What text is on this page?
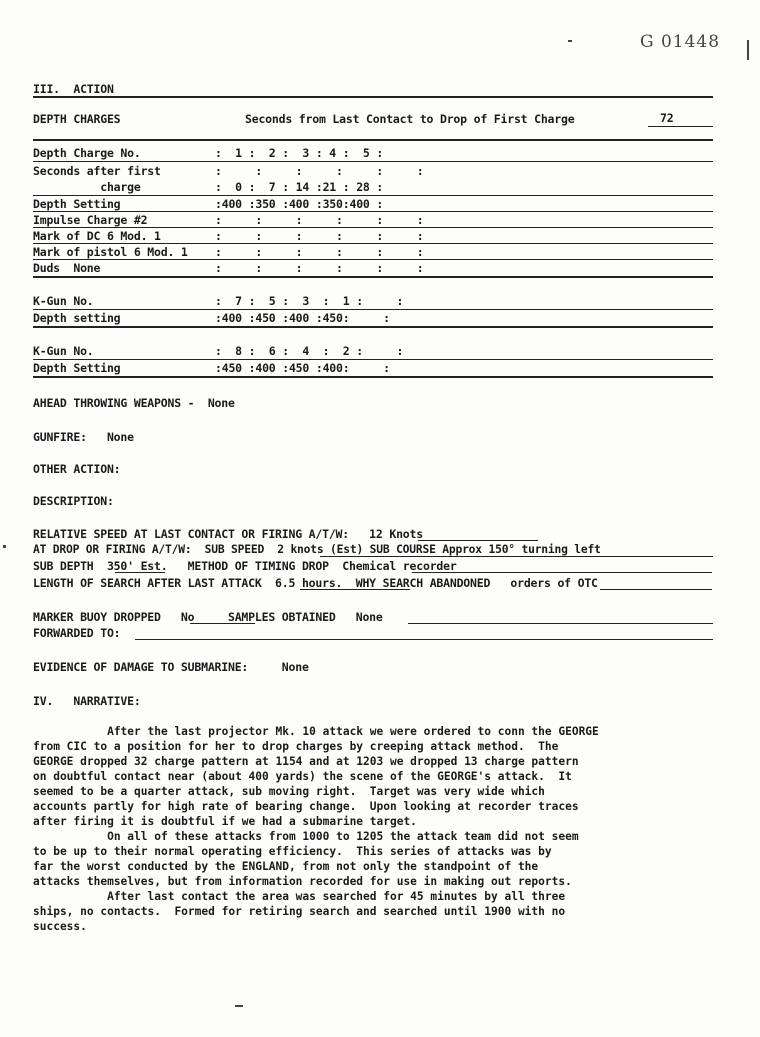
G 01448
III.  ACTION
DEPTH CHARGES	Seconds from Last Contact to Drop of First Charge	72
Depth Charge No.	:  1 :  2 :  3 : 4 :  5 :
Seconds after first	:     :     :     :     :     :
charge	:  0 :  7 : 14 :21 : 28 :
Depth Setting	:400 :350 :400 :350:400 :
Impulse Charge #2	:     :     :     :     :     :
Mark of DC 6 Mod. 1	:     :     :     :     :     :
Mark of pistol 6 Mod. 1 :     :     :     :     :     :
Duds  None	:     :     :     :     :     :
K-Gun No.	:  7 :  5 :  3  :  1 :     :
Depth setting	:400 :450 :400 :450:     :
K-Gun No.	:  8 :  6 :  4  :  2 :     :
Depth Setting	:450 :400 :450 :400:     :
AHEAD THROWING WEAPONS -  None
GUNFIRE:   None
OTHER ACTION:
DESCRIPTION:
RELATIVE SPEED AT LAST CONTACT OR FIRING A/T/W:   12 Knots
AT DROP OR FIRING A/T/W:  SUB SPEED  2 knots (Est) SUB COURSE Approx 150° turning left
SUB DEPTH  350' Est.   METHOD OF TIMING DROP  Chemical recorder
LENGTH OF SEARCH AFTER LAST ATTACK  6.5 hours.  WHY SEARCH ABANDONED   orders of OTC
MARKER BUOY DROPPED   No     SAMPLES OBTAINED   None
FORWARDED TO:
EVIDENCE OF DAMAGE TO SUBMARINE:     None
IV.   NARRATIVE:
After the last projector Mk. 10 attack we were ordered to conn the GEORGE
from CIC to a position for her to drop charges by creeping attack method.  The
GEORGE dropped 32 charge pattern at 1154 and at 1203 we dropped 13 charge pattern
on doubtful contact near (about 400 yards) the scene of the GEORGE's attack.  It
seemed to be a quarter attack, sub moving right.  Target was very wide which
accounts partly for high rate of bearing change.  Upon looking at recorder traces
after firing it is doubtful if we had a submarine target.
On all of these attacks from 1000 to 1205 the attack team did not seem
to be up to their normal operating efficiency.  This series of attacks was by
far the worst conducted by the ENGLAND, from not only the standpoint of the
attacks themselves, but from information recorded for use in making out reports.
After last contact the area was searched for 45 minutes by all three
ships, no contacts.  Formed for retiring search and searched until 1900 with no
success.
